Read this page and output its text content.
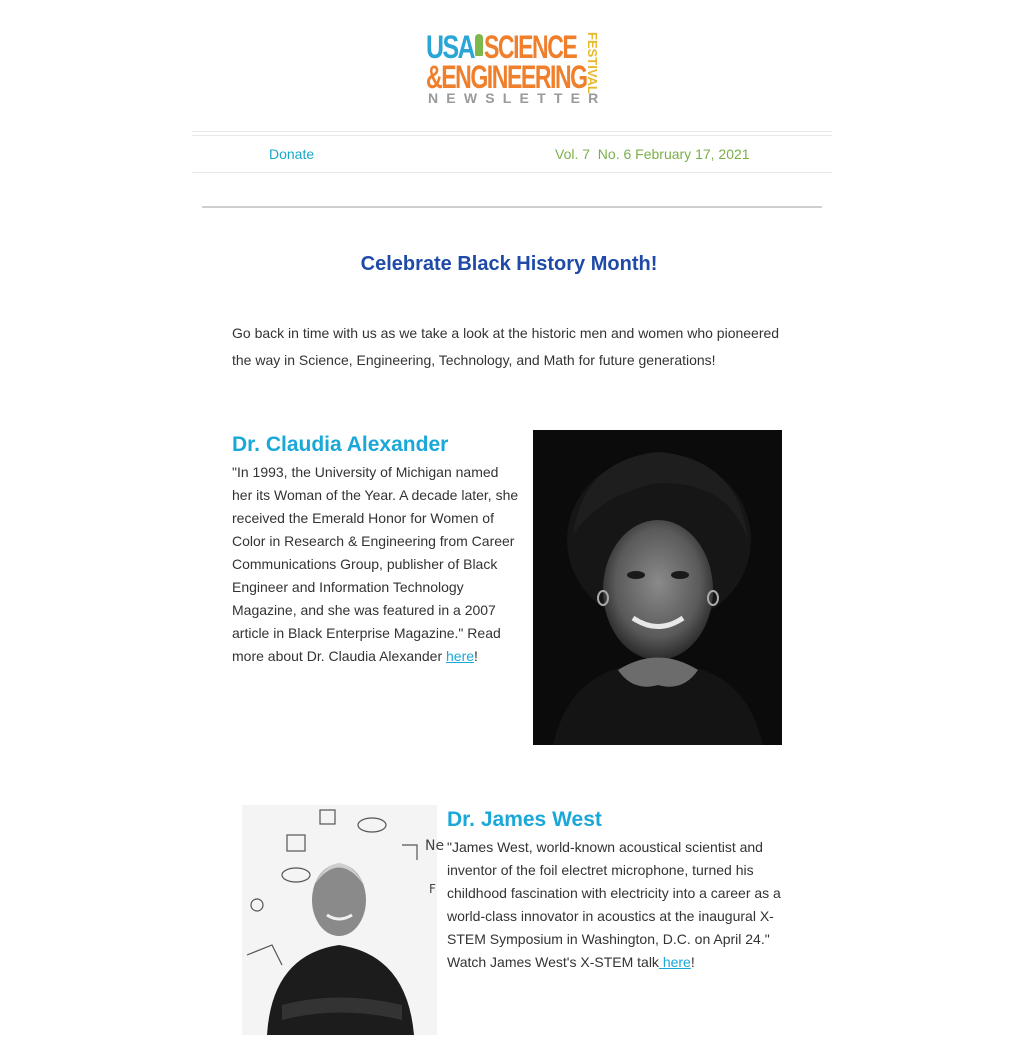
USA SCIENCE
&ENGINEERING
FESTIVAL
NEWSLETTER
Donate	Vol. 7  No. 6 February 17, 2021
Celebrate Black History Month!
Go back in time with us as we take a look at the historic men and women who pioneered the way in Science, Engineering, Technology, and Math for future generations!
Dr. Claudia Alexander
"In 1993, the University of Michigan named her its Woman of the Year. A decade later, she received the Emerald Honor for Women of Color in Research & Engineering from Career Communications Group, publisher of Black Engineer and Information Technology Magazine, and she was featured in a 2007 article in Black Enterprise Magazine." Read more about Dr. Claudia Alexander here!
Ne
F
Dr. James West
"James West, world-known acoustical scientist and inventor of the foil electret microphone, turned his childhood fascination with electricity into a career as a world-class innovator in acoustics at the inaugural X-STEM Symposium in Washington, D.C. on April 24." Watch James West's X-STEM talk here!
